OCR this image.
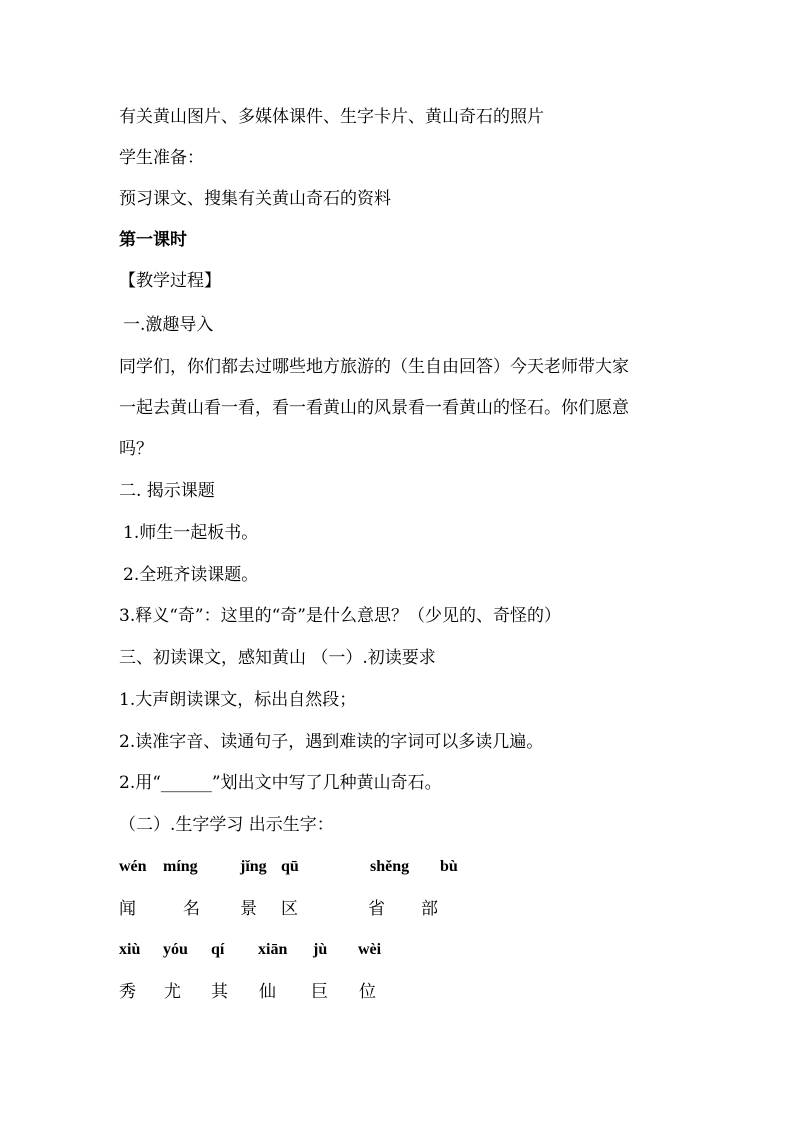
有关黄山图片、多媒体课件、生字卡片、黄山奇石的照片
学生准备：
预习课文、搜集有关黄山奇石的资料
第一课时
【教学过程】
一.激趣导入
同学们，你们都去过哪些地方旅游的（生自由回答）今天老师带大家
一起去黄山看一看，看一看黄山的风景看一看黄山的怪石。你们愿意
吗？
二. 揭示课题
1.师生一起板书。
2.全班齐读课题。
3.释义“奇”：这里的“奇”是什么意思？（少见的、奇怪的）
三、初读课文，感知黄山 （一）.初读要求
1.大声朗读课文，标出自然段；
2.读准字音、读通句子，遇到难读的字词可以多读几遍。
2.用“______”划出文中写了几种黄山奇石。
（二）.生字学习 出示生字：
wén míng	jǐng qū	shěng bù
闻	名 景 区	省 部
xiù yóu qí xiān jù wèi
秀 尤 其 仙 巨 位
